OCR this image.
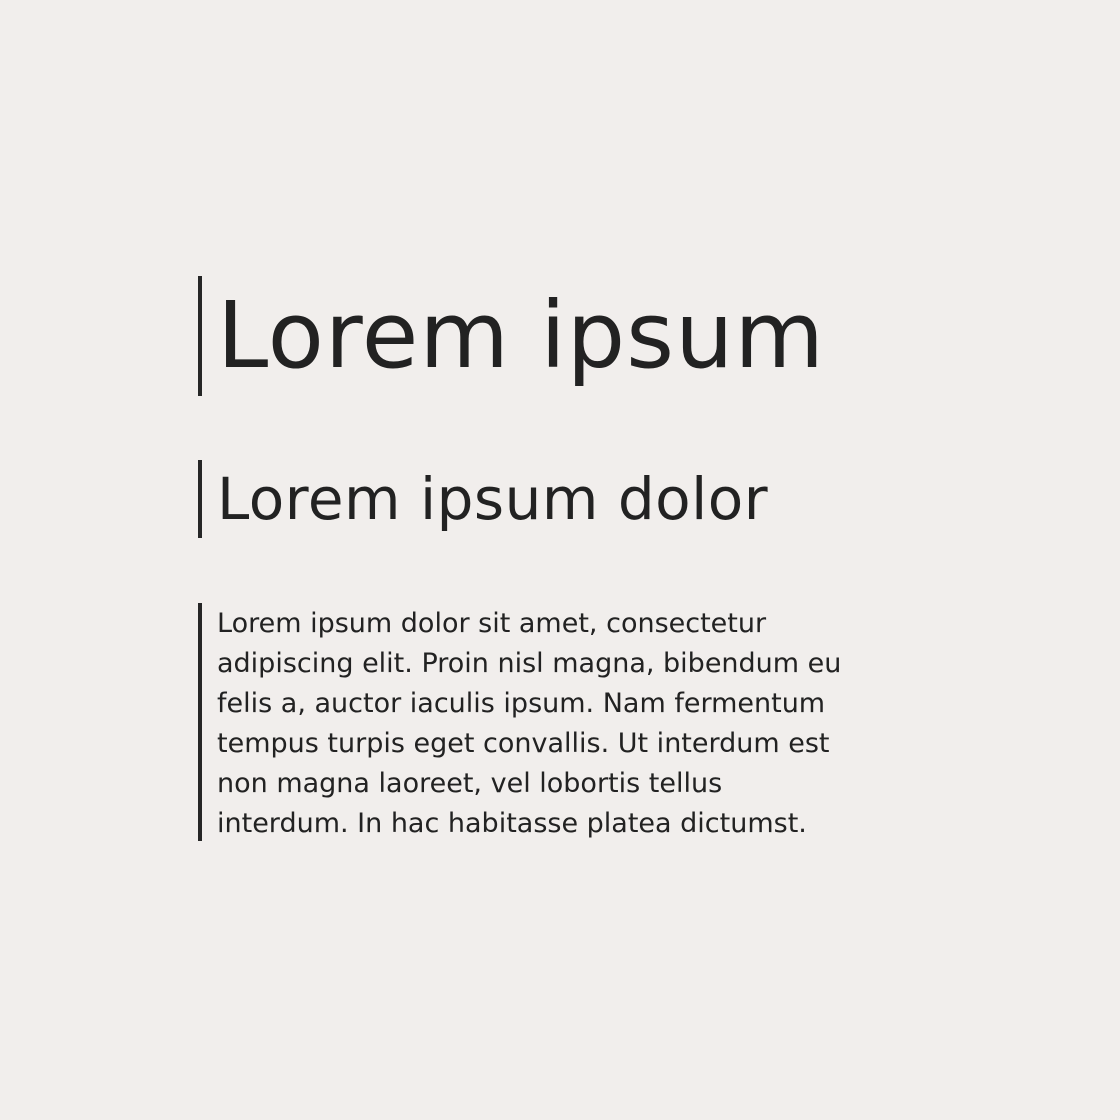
Lorem ipsum
Lorem ipsum dolor

Lorem ipsum dolor sit amet, consectetur
adipiscing elit. Proin nisl magna, bibendum eu
felis a, auctor iaculis ipsum. Nam fermentum
tempus turpis eget convallis. Ut interdum est
non magna laoreet, vel lobortis tellus
interdum. In hac habitasse platea dictumst.
